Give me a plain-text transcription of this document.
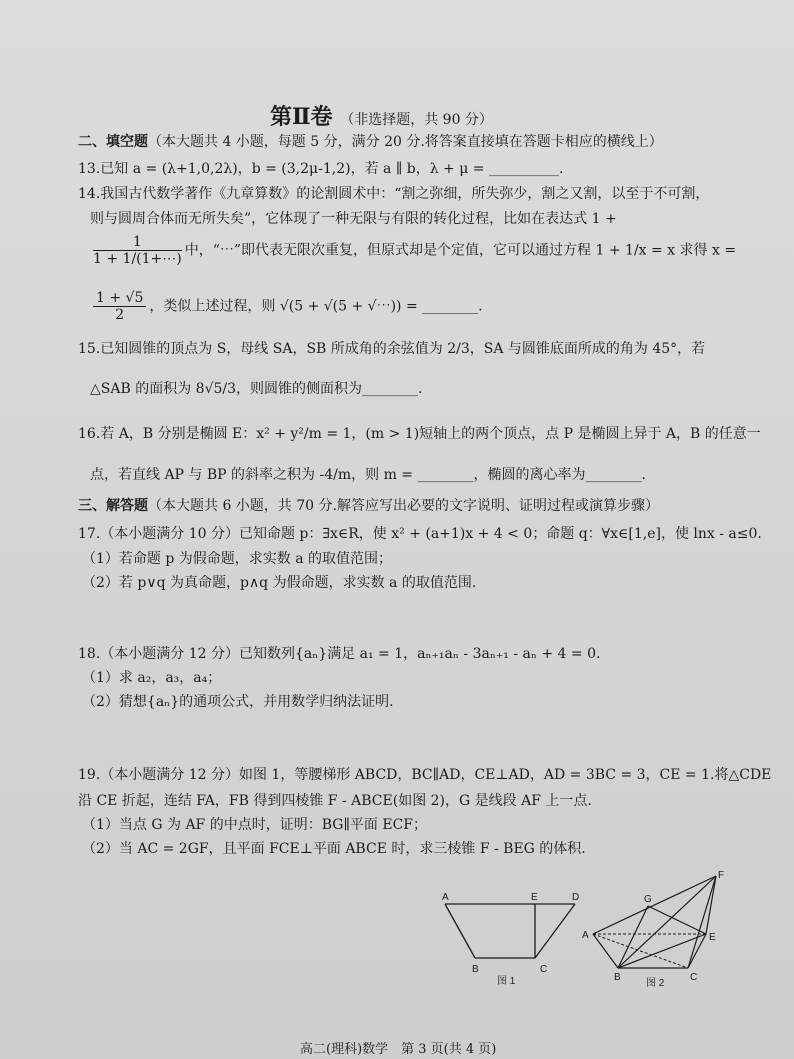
第Ⅱ卷 （非选择题，共 90 分）
二、填空题（本大题共 4 小题，每题 5 分，满分 20 分.将答案直接填在答题卡相应的横线上）
13.已知 a = (λ+1,0,2λ)，b = (3,2μ-1,2)，若 a ∥ b，λ + μ = __________.
14.我国古代数学著作《九章算数》的论割圆术中：“割之弥细，所失弥少，割之又割，以至于不可割，
则与圆周合体而无所失矣”，它体现了一种无限与有限的转化过程，比如在表达式 1 +
$\frac{1}{1 + 1/(1+\cdots)}$ 中，“⋯”即代表无限次重复，但原式却是个定值，它可以通过方程 1 + 1/x = x 求得 x =
$\frac{1 + √5}{2}$ ，类似上述过程，则 √(5 + √(5 + √⋯)) = ________.
15.已知圆锥的顶点为 S，母线 SA，SB 所成角的余弦值为 2/3，SA 与圆锥底面所成的角为 45°，若
△SAB 的面积为 8√5/3，则圆锥的侧面积为________.
16.若 A，B 分别是椭圆 E：x² + y²/m = 1，(m > 1)短轴上的两个顶点，点 P 是椭圆上异于 A，B 的任意一
点，若直线 AP 与 BP 的斜率之积为 -4/m，则 m = ________，椭圆的离心率为________.
三、解答题（本大题共 6 小题，共 70 分.解答应写出必要的文字说明、证明过程或演算步骤）
17.（本小题满分 10 分）已知命题 p：∃x∈R，使 x² + (a+1)x + 4 < 0；命题 q：∀x∈[1,e]，使 lnx - a≤0.
（1）若命题 p 为假命题，求实数 a 的取值范围；
（2）若 p∨q 为真命题，p∧q 为假命题，求实数 a 的取值范围.
18.（本小题满分 12 分）已知数列{aₙ}满足 a₁ = 1，aₙ₊₁aₙ - 3aₙ₊₁ - aₙ + 4 = 0.
（1）求 a₂，a₃，a₄；
（2）猜想{aₙ}的通项公式，并用数学归纳法证明.
19.（本小题满分 12 分）如图 1，等腰梯形 ABCD，BC∥AD，CE⊥AD，AD = 3BC = 3，CE = 1.将△CDE
沿 CE 折起，连结 FA，FB 得到四棱锥 F - ABCE(如图 2)，G 是线段 AF 上一点.
（1）当点 G 为 AF 的中点时，证明：BG∥平面 ECF；
（2）当 AC = 2GF，且平面 FCE⊥平面 ABCE 时，求三棱锥 F - BEG 的体积.
A	E	D
B	C
图 1
F
G
A	E
B	C
图 2
高二(理科)数学　第 3 页(共 4 页)
